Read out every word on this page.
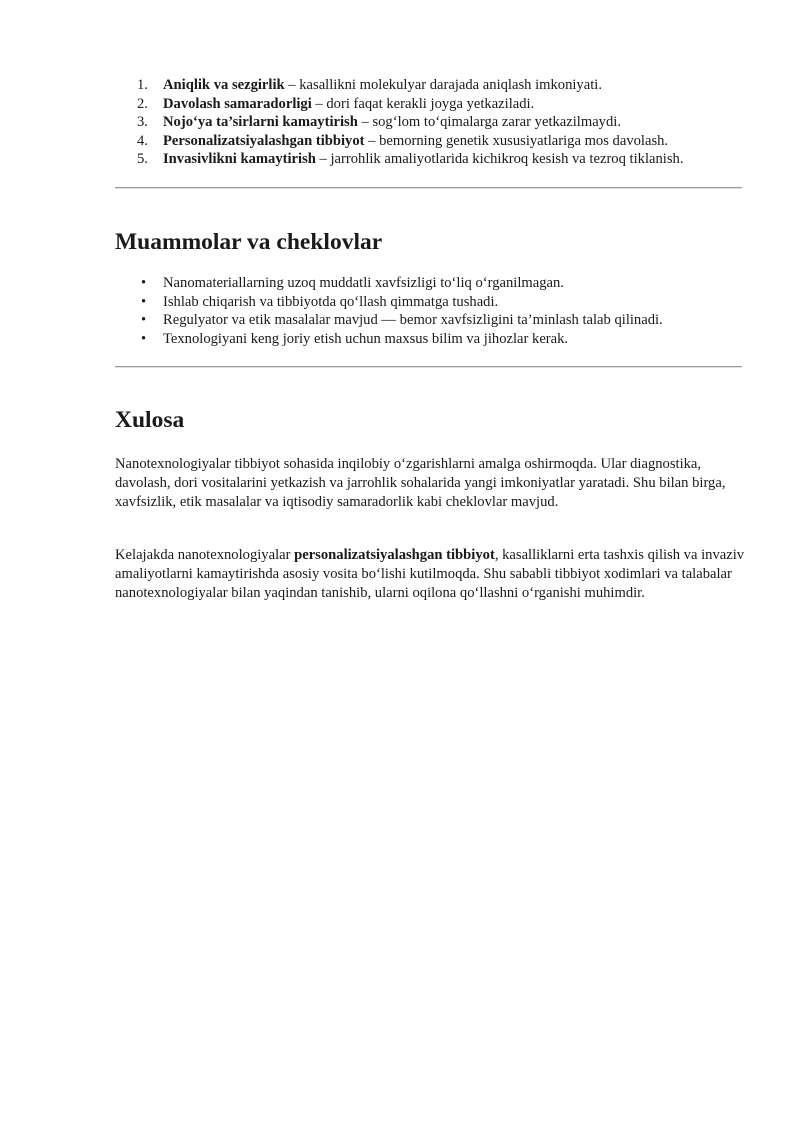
1. Aniqlik va sezgirlik – kasallikni molekulyar darajada aniqlash imkoniyati.
2. Davolash samaradorligi – dori faqat kerakli joyga yetkaziladi.
3. Nojo‘ya ta’sirlarni kamaytirish – sog‘lom to‘qimalarga zarar yetkazilmaydi.
4. Personalizatsiyalashgan tibbiyot – bemorning genetik xususiyatlariga mos davolash.
5. Invasivlikni kamaytirish – jarrohlik amaliyotlarida kichikroq kesish va tezroq tiklanish.
Muammolar va cheklovlar
• Nanomateriallarning uzoq muddatli xavfsizligi to‘liq o‘rganilmagan.
• Ishlab chiqarish va tibbiyotda qo‘llash qimmatga tushadi.
• Regulyator va etik masalalar mavjud — bemor xavfsizligini ta’minlash talab qilinadi.
• Texnologiyani keng joriy etish uchun maxsus bilim va jihozlar kerak.
Xulosa

Nanotexnologiyalar tibbiyot sohasida inqilobiy o‘zgarishlarni amalga oshirmoqda. Ular diagnostika, davolash, dori vositalarini yetkazish va jarrohlik sohalarida yangi imkoniyatlar yaratadi. Shu bilan birga, xavfsizlik, etik masalalar va iqtisodiy samaradorlik kabi cheklovlar mavjud.

Kelajakda nanotexnologiyalar personalizatsiyalashgan tibbiyot, kasalliklarni erta tashxis qilish va invaziv amaliyotlarni kamaytirishda asosiy vosita bo‘lishi kutilmoqda. Shu sababli tibbiyot xodimlari va talabalar nanotexnologiyalar bilan yaqindan tanishib, ularni oqilona qo‘llashni o‘rganishi muhimdir.
